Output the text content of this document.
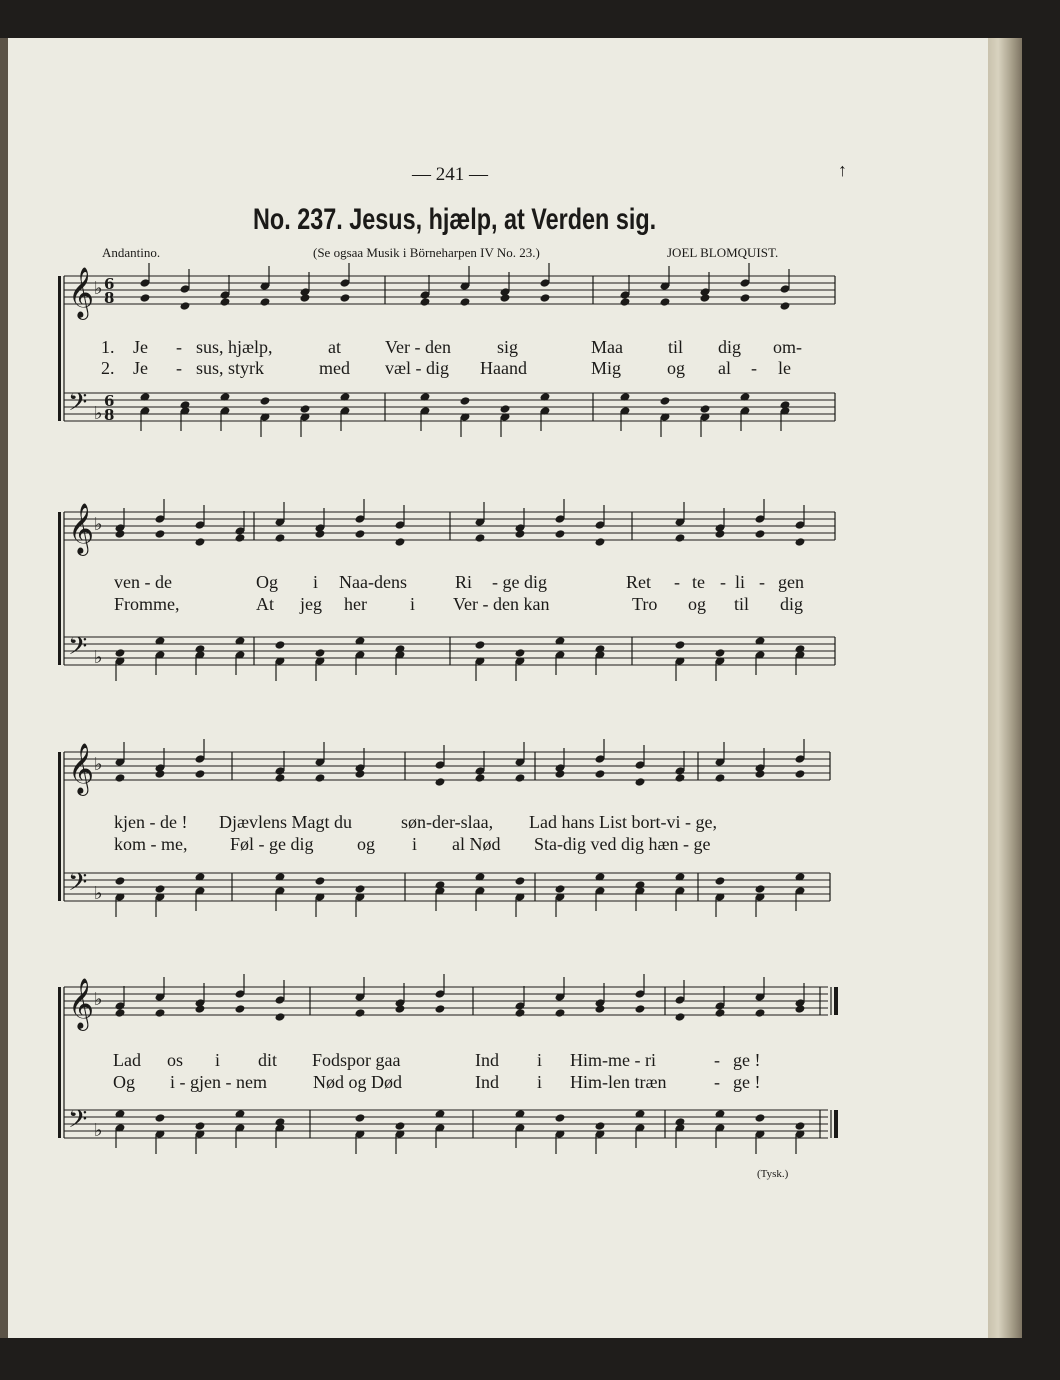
— 241 —	↑
No. 237. Jesus, hjælp, at Verden sig.
Andantino.	(Se ogsaa Musik i Börneharpen IV No. 23.)	JOEL BLOMQUIST.
(Tysk.)
𝄞
𝄢
♭
♭
6
8
6
8
𝄞
𝄢
♭
♭
𝄞
𝄢
♭
♭
𝄞
𝄢
♭
♭
1. Je - sus, hjælp,	at Ver - den	sig	Maa	til dig om-
2. Je - sus, styrk	med væl - dig Haand	Mig	og al - le
ven - de	Og i Naa-dens	Ri - ge dig	Ret - te - li - gen
Fromme,	At jeg her i Ver - den kan	Tro og til dig
kjen - de ! Djævlens Magt du	søn-der-slaa, Lad hans List bort-vi - ge,
kom - me, Føl - ge dig og i al Nød Sta-dig ved dig hæn - ge
Lad os i dit Fodspor gaa	Ind i Him-me - ri	- ge !
Og i - gjen - nem	Nød og Død	Ind i Him-len træn	- ge !
